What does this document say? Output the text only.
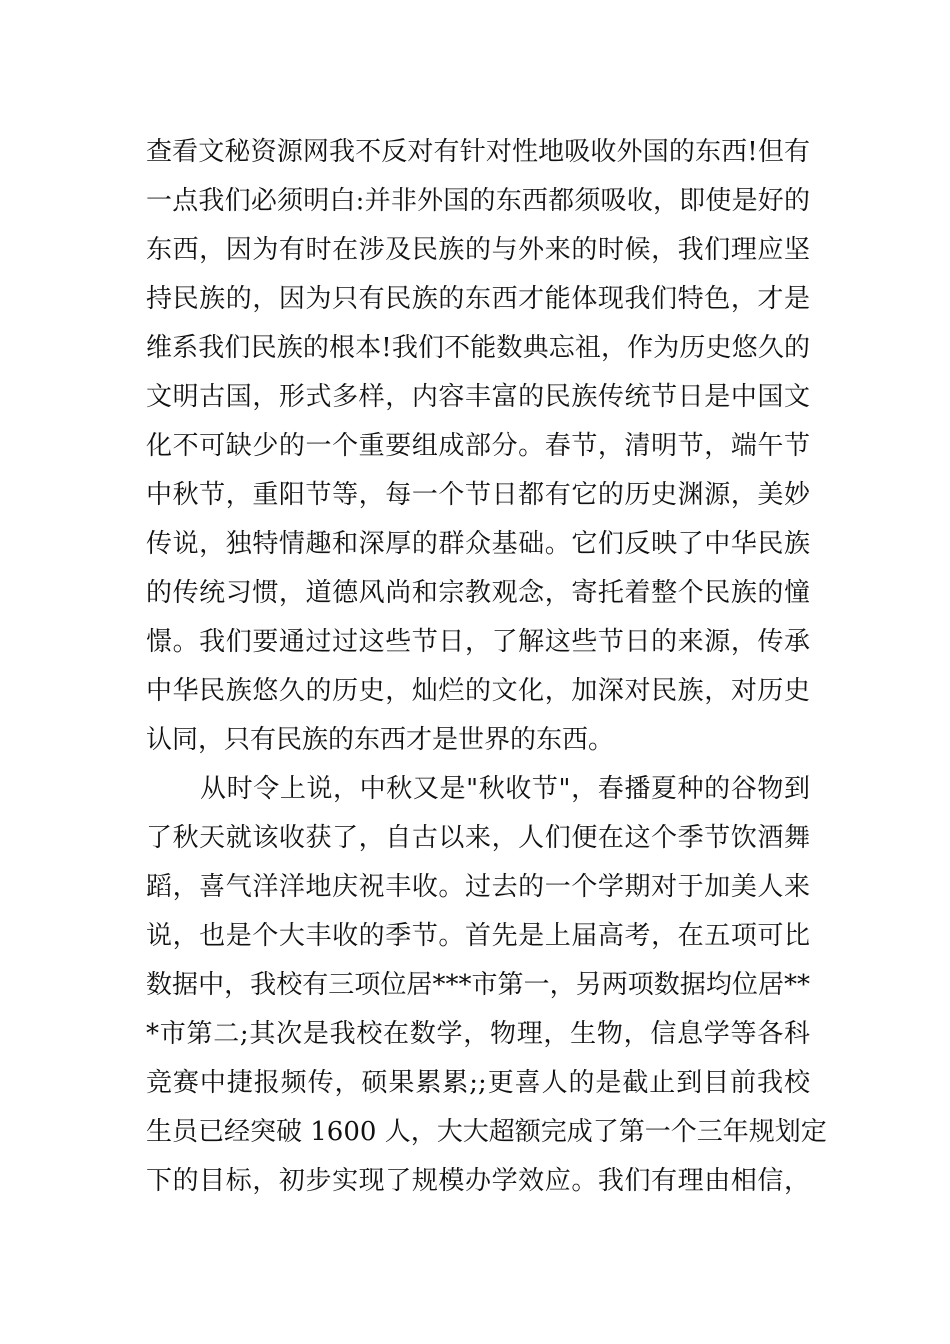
查看文秘资源网我不反对有针对性地吸收外国的东西!但有
一点我们必须明白:并非外国的东西都须吸收，即使是好的
东西，因为有时在涉及民族的与外来的时候，我们理应坚
持民族的，因为只有民族的东西才能体现我们特色，才是
维系我们民族的根本!我们不能数典忘祖，作为历史悠久的
文明古国，形式多样，内容丰富的民族传统节日是中国文
化不可缺少的一个重要组成部分。春节，清明节，端午节
中秋节，重阳节等，每一个节日都有它的历史渊源，美妙
传说，独特情趣和深厚的群众基础。它们反映了中华民族
的传统习惯，道德风尚和宗教观念，寄托着整个民族的憧
憬。我们要通过过这些节日，了解这些节日的来源，传承
中华民族悠久的历史，灿烂的文化，加深对民族，对历史
认同，只有民族的东西才是世界的东西。
从时令上说，中秋又是"秋收节"，春播夏种的谷物到
了秋天就该收获了，自古以来，人们便在这个季节饮酒舞
蹈，喜气洋洋地庆祝丰收。过去的一个学期对于加美人来
说，也是个大丰收的季节。首先是上届高考，在五项可比
数据中，我校有三项位居***市第一，另两项数据均位居**
*市第二;其次是我校在数学，物理，生物，信息学等各科
竞赛中捷报频传，硕果累累;;更喜人的是截止到目前我校
生员已经突破 1600 人，大大超额完成了第一个三年规划定
下的目标，初步实现了规模办学效应。我们有理由相信，
